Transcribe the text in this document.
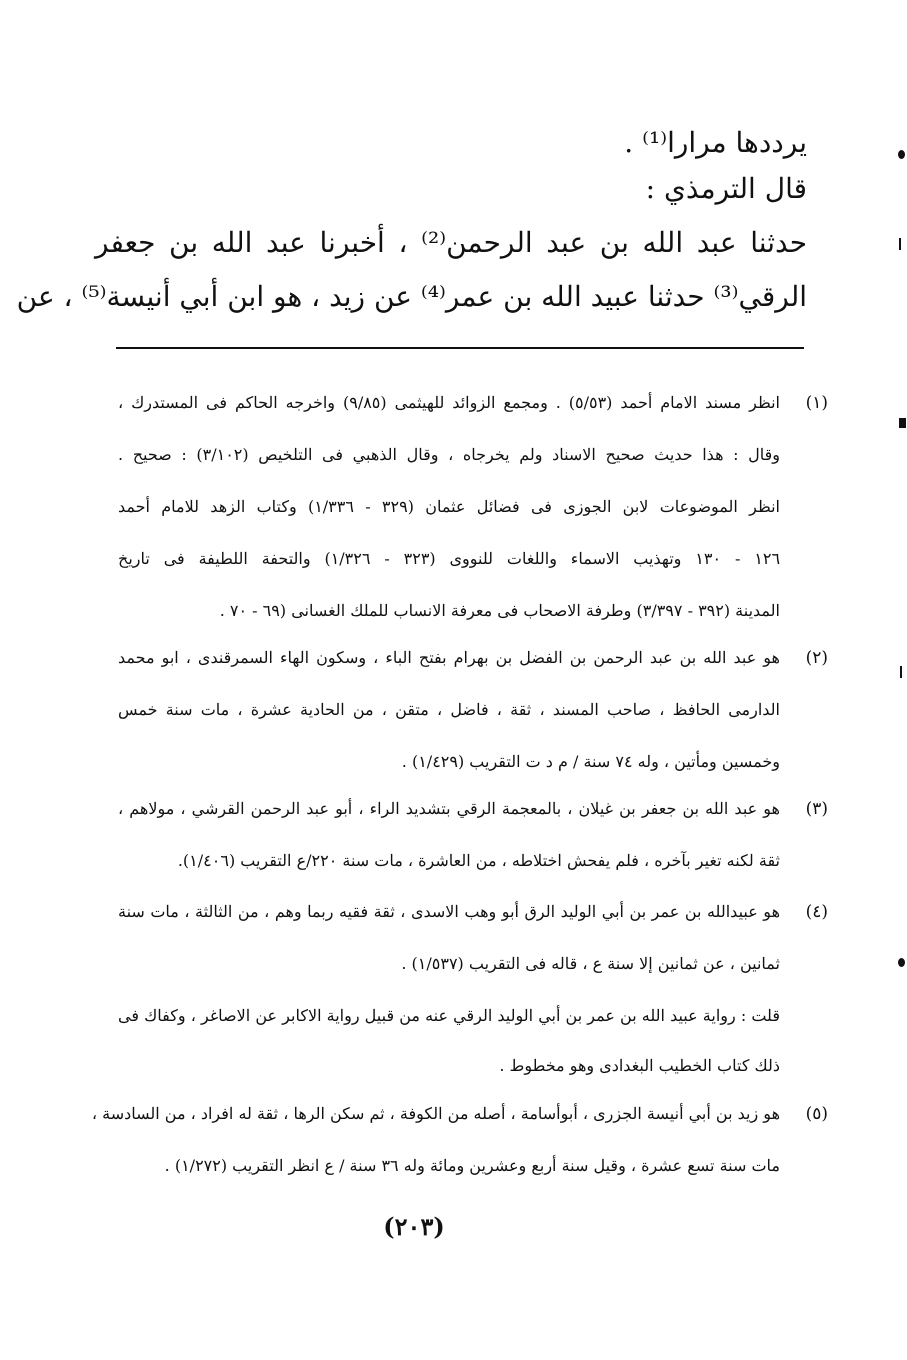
يرددها مرارا⁽¹⁾ .
قال الترمذي :
حدثنا عبد الله بن عبد الرحمن⁽²⁾ ، أخبرنا عبد الله بن جعفر
الرقي⁽³⁾ حدثنا عبيد الله بن عمر⁽⁴⁾ عن زيد ، هو ابن أبي أنيسة⁽⁵⁾ ، عن
(١)
انظر مسند الامام أحمد (٥/٥٣) . ومجمع الزوائد للهيثمى (٩/٨٥) واخرجه الحاكم فى المستدرك ،
وقال : هذا حديث صحيح الاسناد ولم يخرجاه ، وقال الذهبي فى التلخيص (٣/١٠٢) : صحيح .
انظر الموضوعات لابن الجوزى فى فضائل عثمان (٣٢٩ - ١/٣٣٦) وكتاب الزهد للامام أحمد
١٢٦ - ١٣٠ وتهذيب الاسماء واللغات للنووى (٣٢٣ - ١/٣٢٦) والتحفة اللطيفة فى تاريخ
المدينة (٣٩٢ - ٣/٣٩٧) وطرفة الاصحاب فى معرفة الانساب للملك الغسانى (٦٩ - ٧٠ .
(٢)
هو عبد الله بن عبد الرحمن بن الفضل بن بهرام بفتح الباء ، وسكون الهاء السمرقندى ، ابو محمد
الدارمى الحافظ ، صاحب المسند ، ثقة ، فاضل ، متقن ، من الحادية عشرة ، مات سنة خمس
وخمسين ومأتين ، وله ٧٤ سنة / م د ت التقريب (١/٤٢٩) .
(٣)
هو عبد الله بن جعفر بن غيلان ، بالمعجمة الرقي بتشديد الراء ، أبو عبد الرحمن القرشي ، مولاهم ،
ثقة لكنه تغير بآخره ، فلم يفحش اختلاطه ، من العاشرة ، مات سنة ٢٢٠/ع التقريب (١/٤٠٦).
(٤)
هو عبيدالله بن عمر بن أبي الوليد الرق أبو وهب الاسدى ، ثقة فقيه ربما وهم ، من الثالثة ، مات سنة
ثمانين ، عن ثمانين إلا سنة ع ، قاله فى التقريب (١/٥٣٧) .
قلت : رواية عبيد الله بن عمر بن أبي الوليد الرقي عنه من قبيل رواية الاكابر عن الاصاغر ، وكفاك فى
ذلك كتاب الخطيب البغدادى وهو مخطوط .
(٥)
هو زيد بن أبي أنيسة الجزرى ، أبوأسامة ، أصله من الكوفة ، ثم سكن الرها ، ثقة له افراد ، من السادسة ،
مات سنة تسع عشرة ، وقيل سنة أربع وعشرين ومائة وله ٣٦ سنة / ع انظر التقريب (١/٢٧٢) .
(٢٠٣)
